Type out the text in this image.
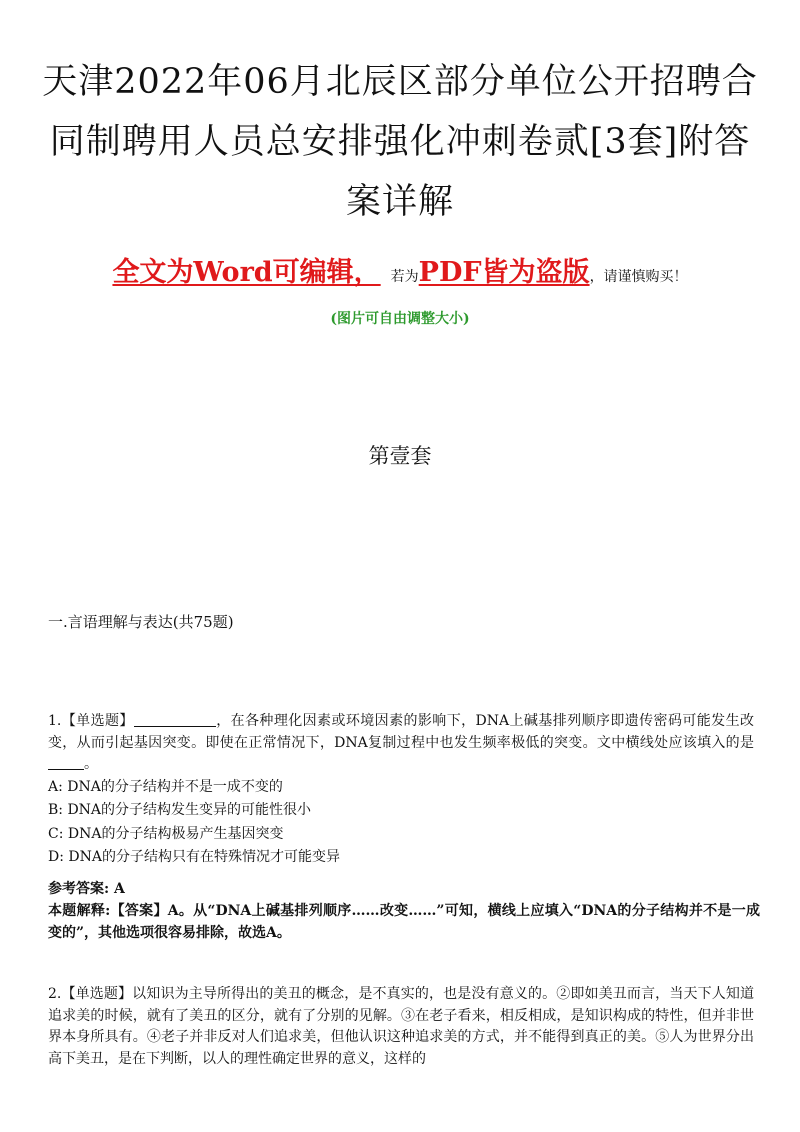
天津2022年06月北辰区部分单位公开招聘合同制聘用人员总安排强化冲刺卷贰[3套]附答案详解
全文为Word可编辑， 若为PDF皆为盗版，请谨慎购买！
(图片可自由调整大小)
第壹套
一.言语理解与表达(共75题)
1.【单选题】	，在各种理化因素或环境因素的影响下，DNA上碱基排列顺序即遗传密码可能发生改变，从而引起基因突变。即使在正常情况下，DNA复制过程中也发生频率极低的突变。文中横线处应该填入的是。
A: DNA的分子结构并不是一成不变的
B: DNA的分子结构发生变异的可能性很小
C: DNA的分子结构极易产生基因突变
D: DNA的分子结构只有在特殊情况才可能变异
参考答案: A
本题解释:【答案】A。从“DNA上碱基排列顺序……改变……”可知，横线上应填入“DNA的分子结构并不是一成变的”，其他选项很容易排除，故选A。
2.【单选题】以知识为主导所得出的美丑的概念，是不真实的，也是没有意义的。②即如美丑而言，当天下人知道追求美的时候，就有了美丑的区分，就有了分别的见解。③在老子看来，相反相成，是知识构成的特性，但并非世界本身所具有。④老子并非反对人们追求美，但他认识这种追求美的方式，并不能得到真正的美。⑤人为世界分出高下美丑，是在下判断，以人的理性确定世界的意义，这样的
